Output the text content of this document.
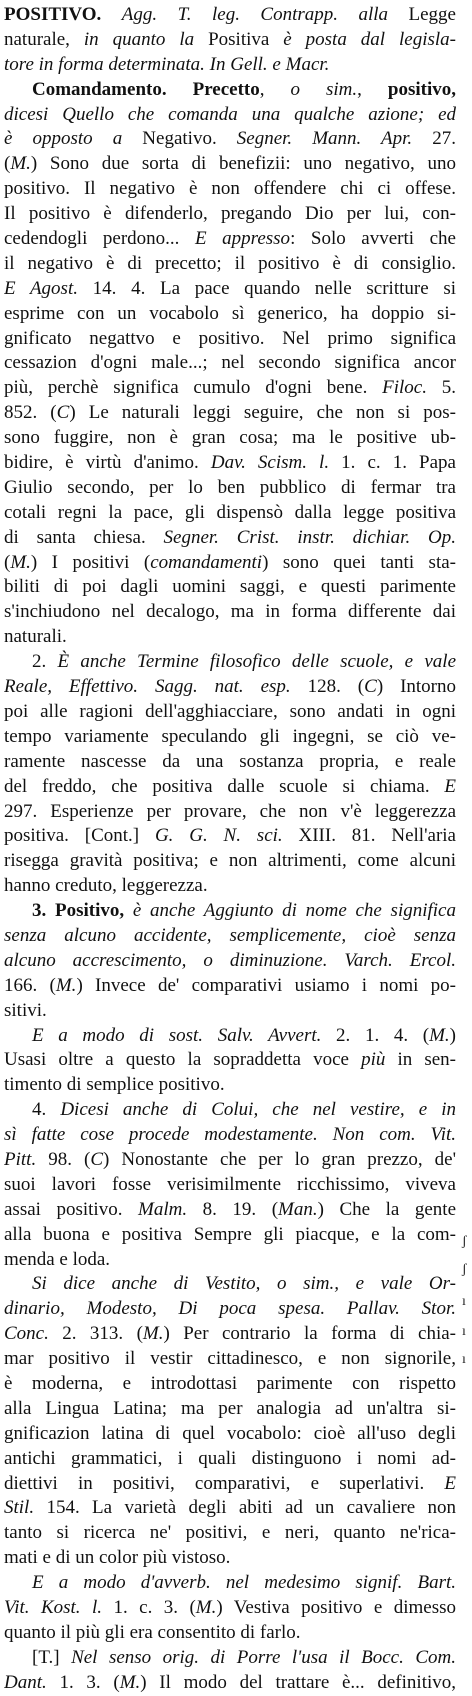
POSITIVO. Agg. T. leg. Contrapp. alla Legge
naturale, in quanto la Positiva è posta dal legisla-
tore in forma determinata. In Gell. e Macr.
Comandamento. Precetto, o sim., positivo,
dicesi Quello che comanda una qualche azione; ed
è opposto a Negativo. Segner. Mann. Apr. 27.
(M.) Sono due sorta di benefizii: uno negativo, uno
positivo. Il negativo è non offendere chi ci offese.
Il positivo è difenderlo, pregando Dio per lui, con-
cedendogli perdono... E appresso: Solo avverti che
il negativo è di precetto; il positivo è di consiglio.
E Agost. 14. 4. La pace quando nelle scritture si
esprime con un vocabolo sì generico, ha doppio si-
gnificato negattvo e positivo. Nel primo significa
cessazion d'ogni male...; nel secondo significa ancor
più, perchè significa cumulo d'ogni bene. Filoc. 5.
852. (C) Le naturali leggi seguire, che non si pos-
sono fuggire, non è gran cosa; ma le positive ub-
bidire, è virtù d'animo. Dav. Scism. l. 1. c. 1. Papa
Giulio secondo, per lo ben pubblico di fermar tra
cotali regni la pace, gli dispensò dalla legge positiva
di santa chiesa. Segner. Crist. instr. dichiar. Op.
(M.) I positivi (comandamenti) sono quei tanti sta-
biliti di poi dagli uomini saggi, e questi parimente
s'inchiudono nel decalogo, ma in forma differente dai
naturali.
2. È anche Termine filosofico delle scuole, e vale
Reale, Effettivo. Sagg. nat. esp. 128. (C) Intorno
poi alle ragioni dell'agghiacciare, sono andati in ogni
tempo variamente speculando gli ingegni, se ciò ve-
ramente nascesse da una sostanza propria, e reale
del freddo, che positiva dalle scuole si chiama. E
297. Esperienze per provare, che non v'è leggerezza
positiva. [Cont.] G. G. N. sci. XIII. 81. Nell'aria
risegga gravità positiva; e non altrimenti, come alcuni
hanno creduto, leggerezza.
3. Positivo, è anche Aggiunto di nome che significa
senza alcuno accidente, semplicemente, cioè senza
alcuno accrescimento, o diminuzione. Varch. Ercol.
166. (M.) Invece de' comparativi usiamo i nomi po-
sitivi.
E a modo di sost. Salv. Avvert. 2. 1. 4. (M.)
Usasi oltre a questo la sopraddetta voce più in sen-
timento di semplice positivo.
4. Dicesi anche di Colui, che nel vestire, e in
sì fatte cose procede modestamente. Non com. Vit.
Pitt. 98. (C) Nonostante che per lo gran prezzo, de'
suoi lavori fosse verisimilmente ricchissimo, viveva
assai positivo. Malm. 8. 19. (Man.) Che la gente
alla buona e positiva Sempre gli piacque, e la com-
menda e loda.
Si dice anche di Vestito, o sim., e vale Or-
dinario, Modesto, Di poca spesa. Pallav. Stor.
Conc. 2. 313. (M.) Per contrario la forma di chia-
mar positivo il vestir cittadinesco, e non signorile,
è moderna, e introdottasi parimente con rispetto
alla Lingua Latina; ma per analogia ad un'altra si-
gnificazion latina di quel vocabolo: cioè all'uso degli
antichi grammatici, i quali distinguono i nomi ad-
diettivi in positivi, comparativi, e superlativi. E
Stil. 154. La varietà degli abiti ad un cavaliere non
tanto si ricerca ne' positivi, e neri, quanto ne'rica-
mati e di un color più vistoso.
E a modo d'avverb. nel medesimo signif. Bart.
Vit. Kost. l. 1. c. 3. (M.) Vestiva positivo e dimesso
quanto il più gli era consentito di farlo.
[T.] Nel senso orig. di Porre l'usa il Bocc. Com.
Dant. 1. 3. (M.) Il modo del trattare è... definitivo,
ʃ
ʃ
ı
ı
ı
